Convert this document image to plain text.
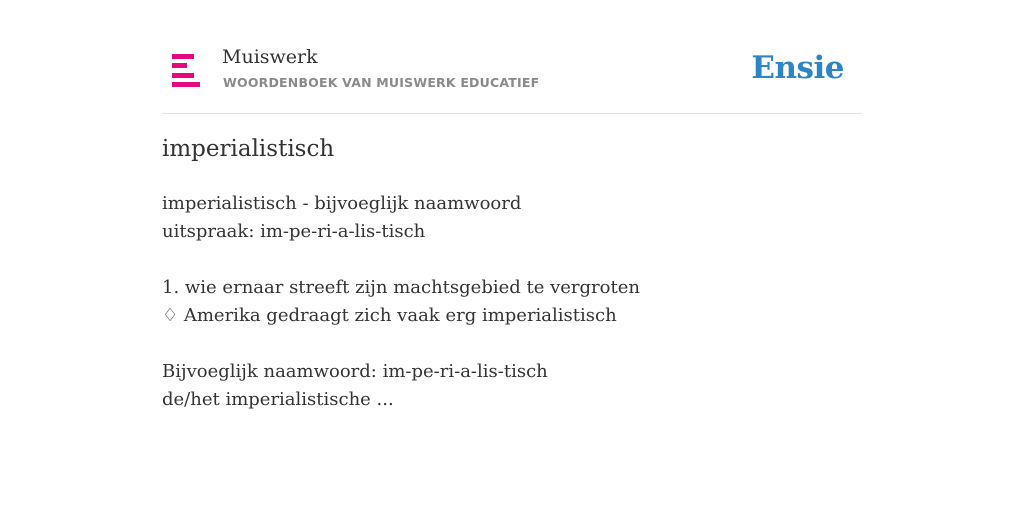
Muiswerk
WOORDENBOEK VAN MUISWERK EDUCATIEF	Ensie
imperialistisch
imperialistisch - bijvoeglijk naamwoord
uitspraak: im-pe-ri-a-lis-tisch
1. wie ernaar streeft zijn machtsgebied te vergroten
♢ Amerika gedraagt zich vaak erg imperialistisch
Bijvoeglijk naamwoord: im-pe-ri-a-lis-tisch
de/het imperialistische ...
